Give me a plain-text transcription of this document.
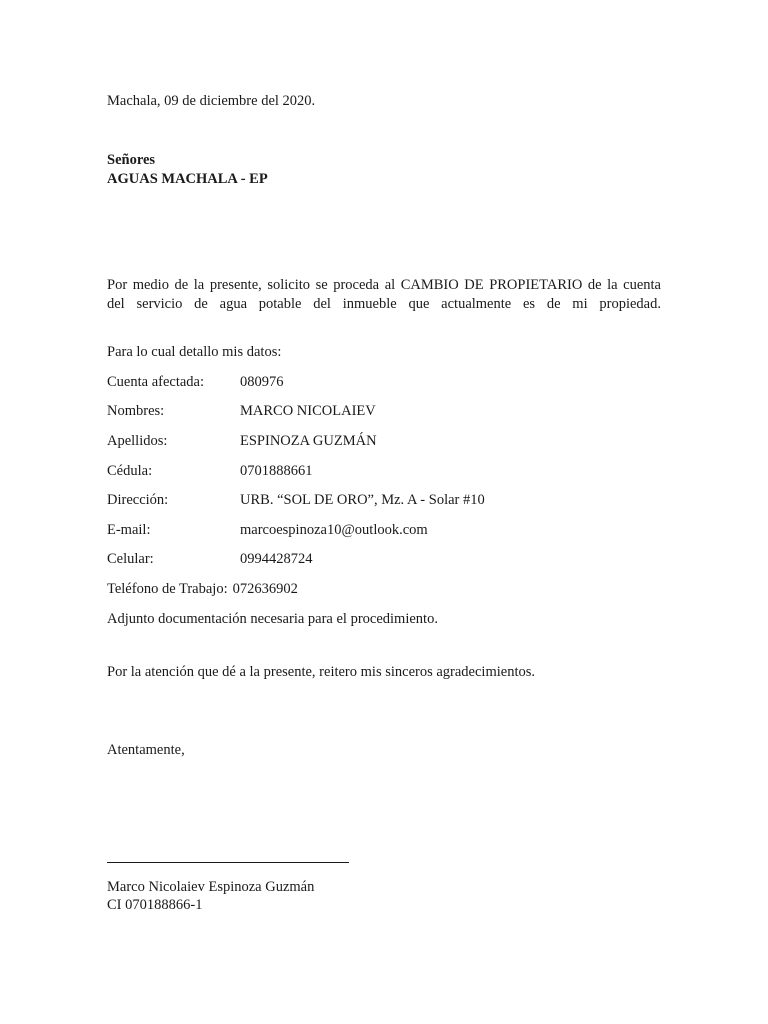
Machala, 09 de diciembre del 2020.
Señores
AGUAS MACHALA - EP
Por medio de la presente, solicito se proceda al CAMBIO DE PROPIETARIO de la cuenta
del servicio de agua potable del inmueble que actualmente es de mi propiedad.
Para lo cual detallo mis datos:
Cuenta afectada: 080976
Nombres:	MARCO NICOLAIEV
Apellidos:	ESPINOZA GUZMÁN
Cédula:	0701888661
Dirección:	URB. “SOL DE ORO”, Mz. A - Solar #10
E-mail:	marcoespinoza10@outlook.com
Celular:	0994428724
Teléfono de Trabajo: 072636902
Adjunto documentación necesaria para el procedimiento.
Por la atención que dé a la presente, reitero mis sinceros agradecimientos.
Atentamente,
Marco Nicolaiev Espinoza Guzmán
CI 070188866-1
